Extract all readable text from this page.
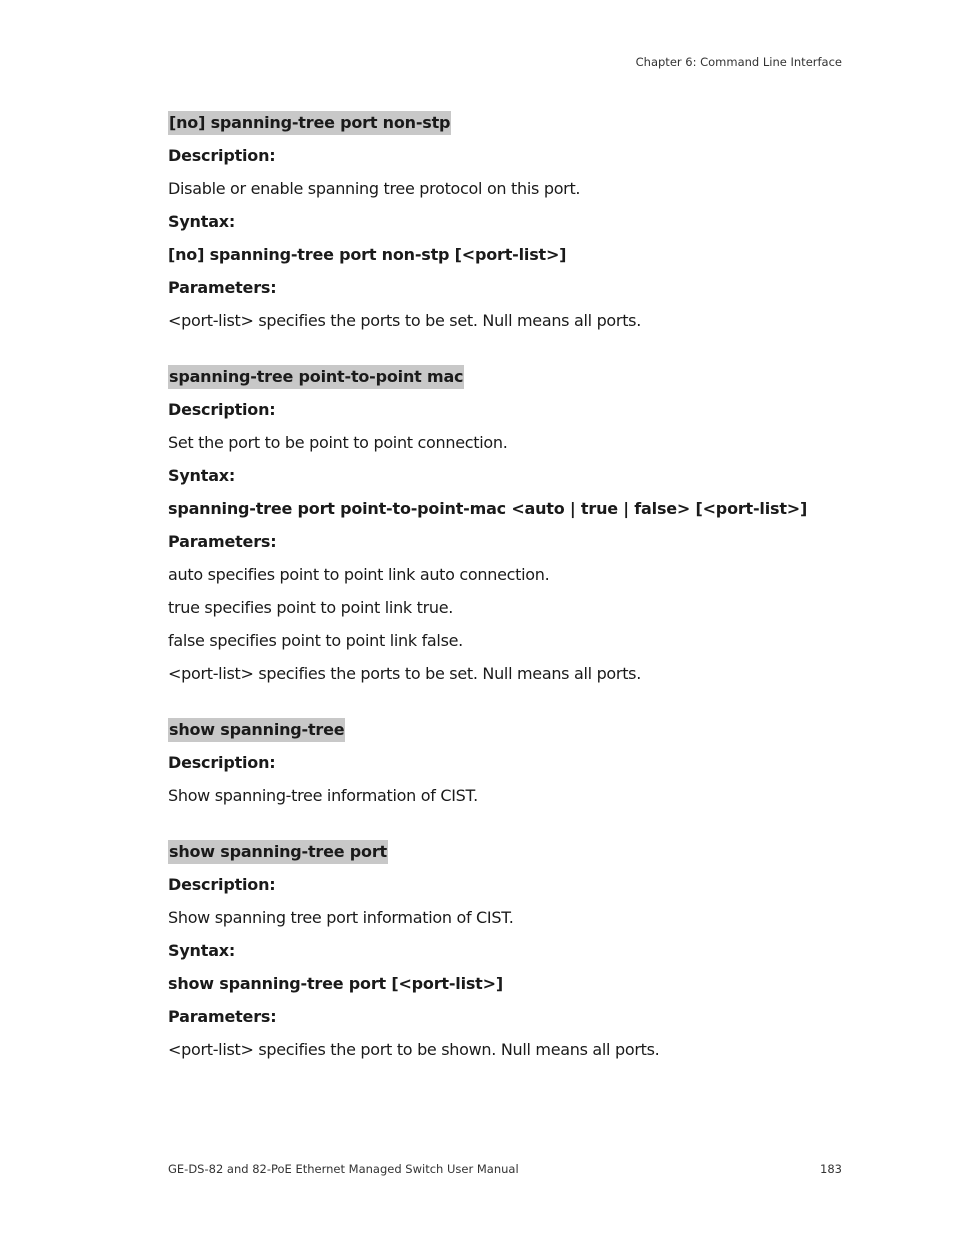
Chapter 6: Command Line Interface
[no] spanning-tree port non-stp
Description:
Disable or enable spanning tree protocol on this port.
Syntax:
[no] spanning-tree port non-stp [<port-list>]
Parameters:
<port-list> specifies the ports to be set. Null means all ports.
spanning-tree point-to-point mac
Description:
Set the port to be point to point connection.
Syntax:
spanning-tree port point-to-point-mac <auto | true | false> [<port-list>]
Parameters:
auto specifies point to point link auto connection.
true specifies point to point link true.
false specifies point to point link false.
<port-list> specifies the ports to be set. Null means all ports.
show spanning-tree
Description:
Show spanning-tree information of CIST.
show spanning-tree port
Description:
Show spanning tree port information of CIST.
Syntax:
show spanning-tree port [<port-list>]
Parameters:
<port-list> specifies the port to be shown. Null means all ports.
GE-DS-82 and 82-PoE Ethernet Managed Switch User Manual	183
